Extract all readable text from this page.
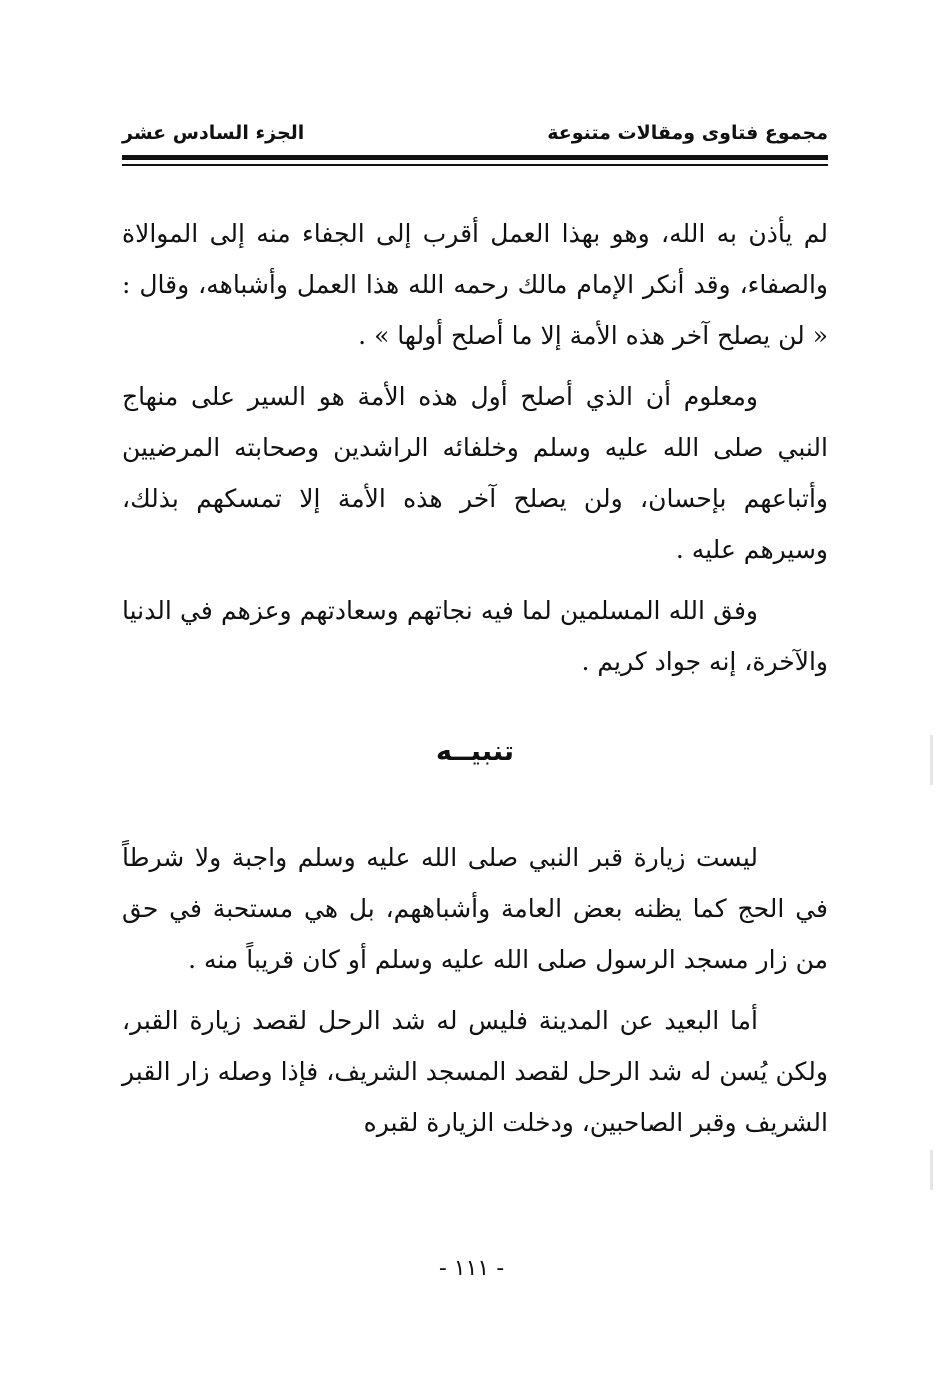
مجموع فتاوى ومقالات متنوعة
الجزء السادس عشر

لم يأذن به الله، وهو بهذا العمل أقرب إلى الجفاء منه إلى الموالاة والصفاء، وقد أنكر الإمام مالك رحمه الله هذا العمل وأشباهه، وقال : « لن يصلح آخر هذه الأمة إلا ما أصلح أولها » .

ومعلوم أن الذي أصلح أول هذه الأمة هو السير على منهاج النبي صلى الله عليه وسلم وخلفائه الراشدين وصحابته المرضيين وأتباعهم بإحسان، ولن يصلح آخر هذه الأمة إلا تمسكهم بذلك، وسيرهم عليه .

وفق الله المسلمين لما فيه نجاتهم وسعادتهم وعزهم في الدنيا والآخرة، إنه جواد كريم .

تنبيــه

ليست زيارة قبر النبي صلى الله عليه وسلم واجبة ولا شرطاً في الحج كما يظنه بعض العامة وأشباههم، بل هي مستحبة في حق من زار مسجد الرسول صلى الله عليه وسلم أو كان قريباً منه .

أما البعيد عن المدينة فليس له شد الرحل لقصد زيارة القبر، ولكن يُسن له شد الرحل لقصد المسجد الشريف، فإذا وصله زار القبر الشريف وقبر الصاحبين، ودخلت الزيارة لقبره

- ١١١ -
